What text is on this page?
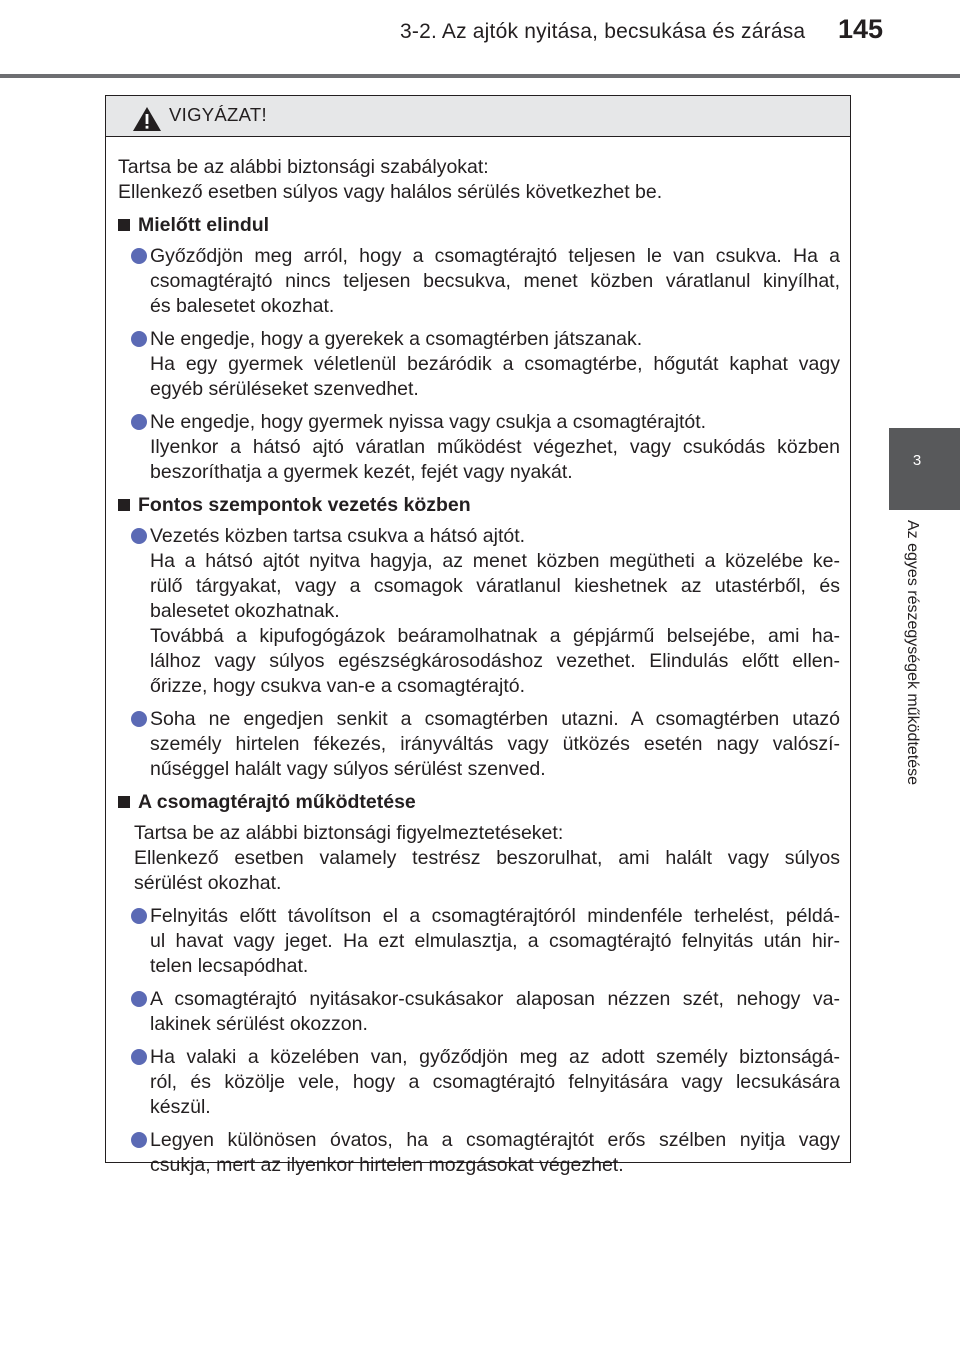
3-2. Az ajtók nyitása, becsukása és zárása 145
3
Az egyes részegységek működtetése
VIGYÁZAT!
Tartsa be az alábbi biztonsági szabályokat:
Ellenkező esetben súlyos vagy halálos sérülés következhet be.
Mielőtt elindul
Győződjön meg arról, hogy a csomagtérajtó teljesen le van csukva. Ha a
csomagtérajtó nincs teljesen becsukva, menet közben váratlanul kinyílhat,
és balesetet okozhat.
Ne engedje, hogy a gyerekek a csomagtérben játszanak.
Ha egy gyermek véletlenül bezáródik a csomagtérbe, hőgutát kaphat vagy
egyéb sérüléseket szenvedhet.
Ne engedje, hogy gyermek nyissa vagy csukja a csomagtérajtót.
Ilyenkor a hátsó ajtó váratlan működést végezhet, vagy csukódás közben
beszoríthatja a gyermek kezét, fejét vagy nyakát.
Fontos szempontok vezetés közben
Vezetés közben tartsa csukva a hátsó ajtót.
Ha a hátsó ajtót nyitva hagyja, az menet közben megütheti a közelébe ke-
rülő tárgyakat, vagy a csomagok váratlanul kieshetnek az utastérből, és
balesetet okozhatnak.
Továbbá a kipufogógázok beáramolhatnak a gépjármű belsejébe, ami ha-
lálhoz vagy súlyos egészségkárosodáshoz vezethet. Elindulás előtt ellen-
őrizze, hogy csukva van-e a csomagtérajtó.
Soha ne engedjen senkit a csomagtérben utazni. A csomagtérben utazó
személy hirtelen fékezés, irányváltás vagy ütközés esetén nagy valószí-
nűséggel halált vagy súlyos sérülést szenved.
A csomagtérajtó működtetése
Tartsa be az alábbi biztonsági figyelmeztetéseket:
Ellenkező esetben valamely testrész beszorulhat, ami halált vagy súlyos
sérülést okozhat.
Felnyitás előtt távolítson el a csomagtérajtóról mindenféle terhelést, példá-
ul havat vagy jeget. Ha ezt elmulasztja, a csomagtérajtó felnyitás után hir-
telen lecsapódhat.
A csomagtérajtó nyitásakor-csukásakor alaposan nézzen szét, nehogy va-
lakinek sérülést okozzon.
Ha valaki a közelében van, győződjön meg az adott személy biztonságá-
ról, és közölje vele, hogy a csomagtérajtó felnyitására vagy lecsukására
készül.
Legyen különösen óvatos, ha a csomagtérajtót erős szélben nyitja vagy
csukja, mert az ilyenkor hirtelen mozgásokat végezhet.
